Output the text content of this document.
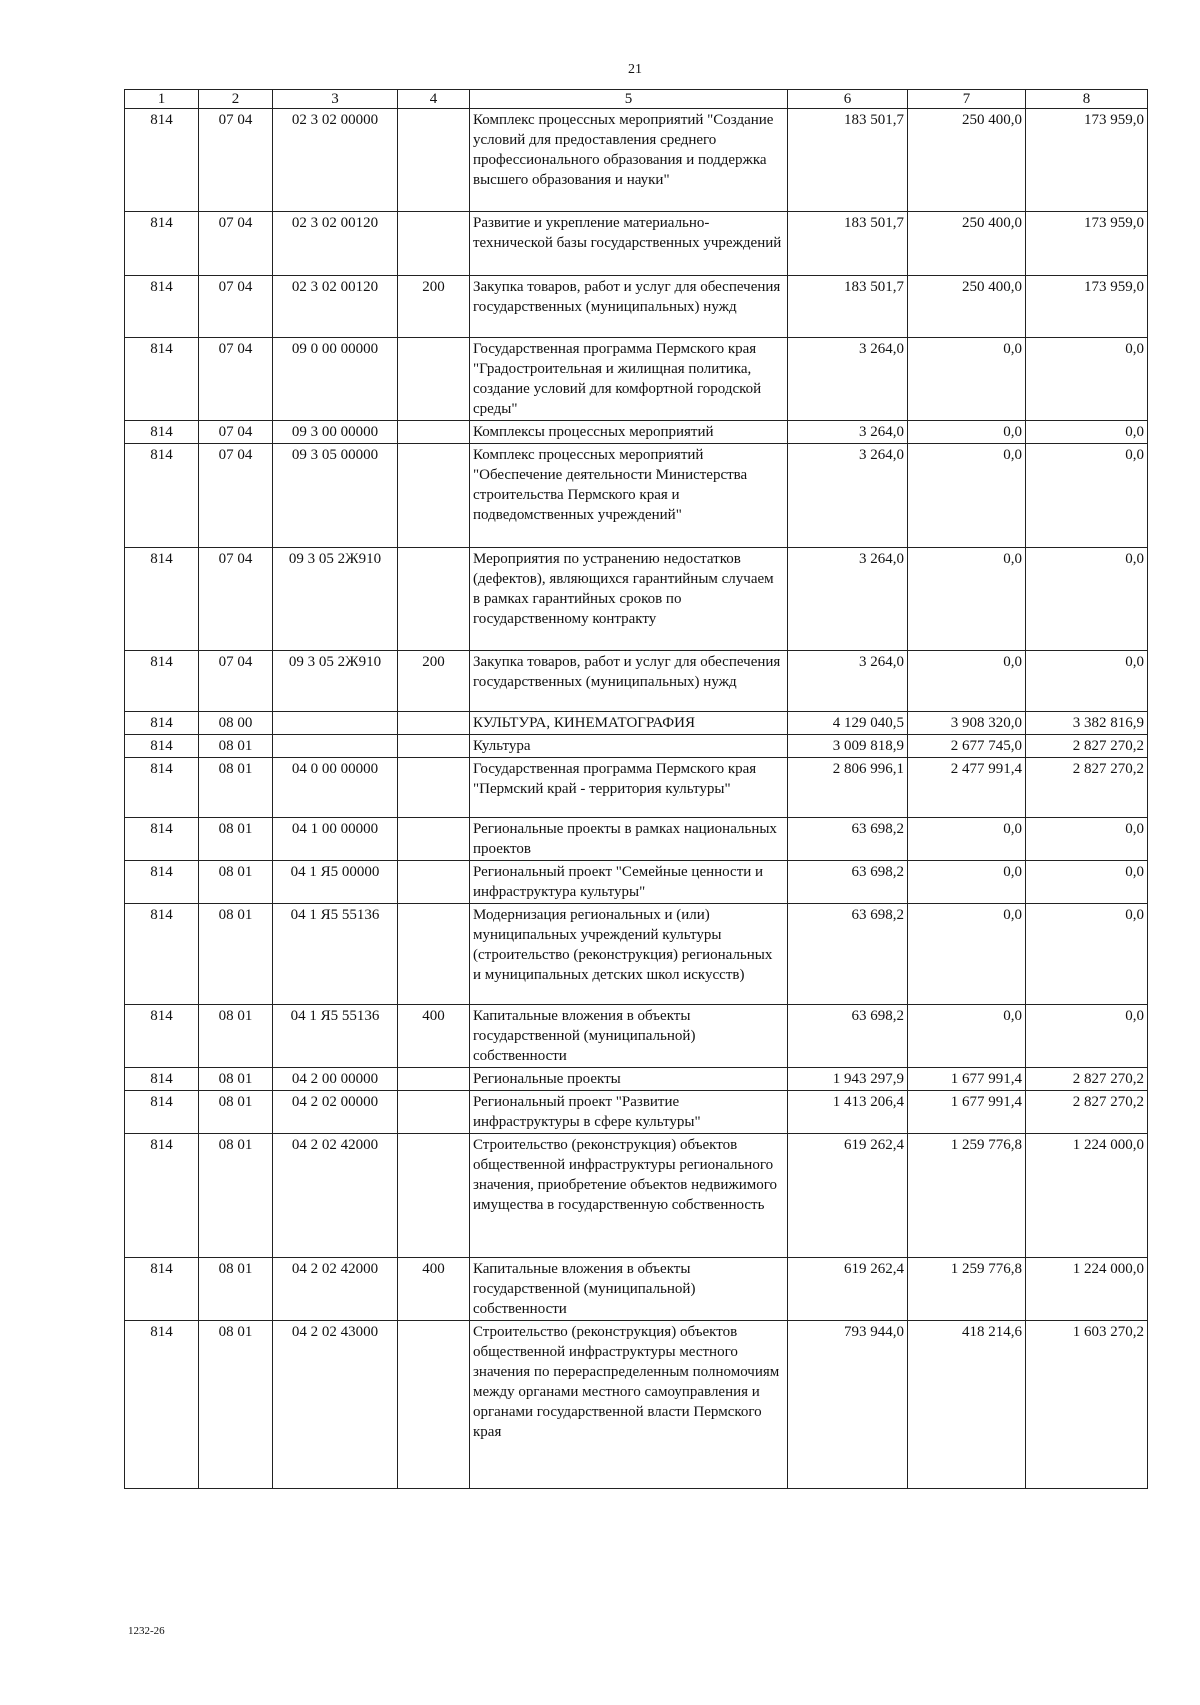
21
1	2	3	4	5	6	7	8
814	07 04	02 3 02 00000		Комплекс процессных мероприятий "Создание условий для предоставления среднего профессионального образования и поддержка высшего образования и науки"	183 501,7	250 400,0	173 959,0
814	07 04	02 3 02 00120		Развитие и укрепление материально-технической базы государственных учреждений	183 501,7	250 400,0	173 959,0
814	07 04	02 3 02 00120	200	Закупка товаров, работ и услуг для обеспечения государственных (муниципальных) нужд	183 501,7	250 400,0	173 959,0
814	07 04	09 0 00 00000		Государственная программа Пермского края "Градостроительная и жилищная политика, создание условий для комфортной городской среды"	3 264,0	0,0	0,0
814	07 04	09 3 00 00000		Комплексы процессных мероприятий	3 264,0	0,0	0,0
814	07 04	09 3 05 00000		Комплекс процессных мероприятий "Обеспечение деятельности Министерства строительства Пермского края и подведомственных учреждений"	3 264,0	0,0	0,0
814	07 04	09 3 05 2Ж910		Мероприятия по устранению недостатков (дефектов), являющихся гарантийным случаем в рамках гарантийных сроков по государственному контракту	3 264,0	0,0	0,0
814	07 04	09 3 05 2Ж910	200	Закупка товаров, работ и услуг для обеспечения государственных (муниципальных) нужд	3 264,0	0,0	0,0
814	08 00			КУЛЬТУРА, КИНЕМАТОГРАФИЯ	4 129 040,5	3 908 320,0	3 382 816,9
814	08 01			Культура	3 009 818,9	2 677 745,0	2 827 270,2
814	08 01	04 0 00 00000		Государственная программа Пермского края "Пермский край - территория культуры"	2 806 996,1	2 477 991,4	2 827 270,2
814	08 01	04 1 00 00000		Региональные проекты в рамках национальных проектов	63 698,2	0,0	0,0
814	08 01	04 1 Я5 00000		Региональный проект "Семейные ценности и инфраструктура культуры"	63 698,2	0,0	0,0
814	08 01	04 1 Я5 55136		Модернизация региональных и (или) муниципальных учреждений культуры (строительство (реконструкция) региональных и муниципальных детских школ искусств)	63 698,2	0,0	0,0
814	08 01	04 1 Я5 55136	400	Капитальные вложения в объекты государственной (муниципальной) собственности	63 698,2	0,0	0,0
814	08 01	04 2 00 00000		Региональные проекты	1 943 297,9	1 677 991,4	2 827 270,2
814	08 01	04 2 02 00000		Региональный проект "Развитие инфраструктуры в сфере культуры"	1 413 206,4	1 677 991,4	2 827 270,2
814	08 01	04 2 02 42000		Строительство (реконструкция) объектов общественной инфраструктуры регионального значения, приобретение объектов недвижимого имущества в государственную собственность	619 262,4	1 259 776,8	1 224 000,0
814	08 01	04 2 02 42000	400	Капитальные вложения в объекты государственной (муниципальной) собственности	619 262,4	1 259 776,8	1 224 000,0
814	08 01	04 2 02 43000		Строительство (реконструкция) объектов общественной инфраструктуры местного значения по перераспределенным полномочиям между органами местного самоуправления и органами государственной власти Пермского края	793 944,0	418 214,6	1 603 270,2
1232-26
